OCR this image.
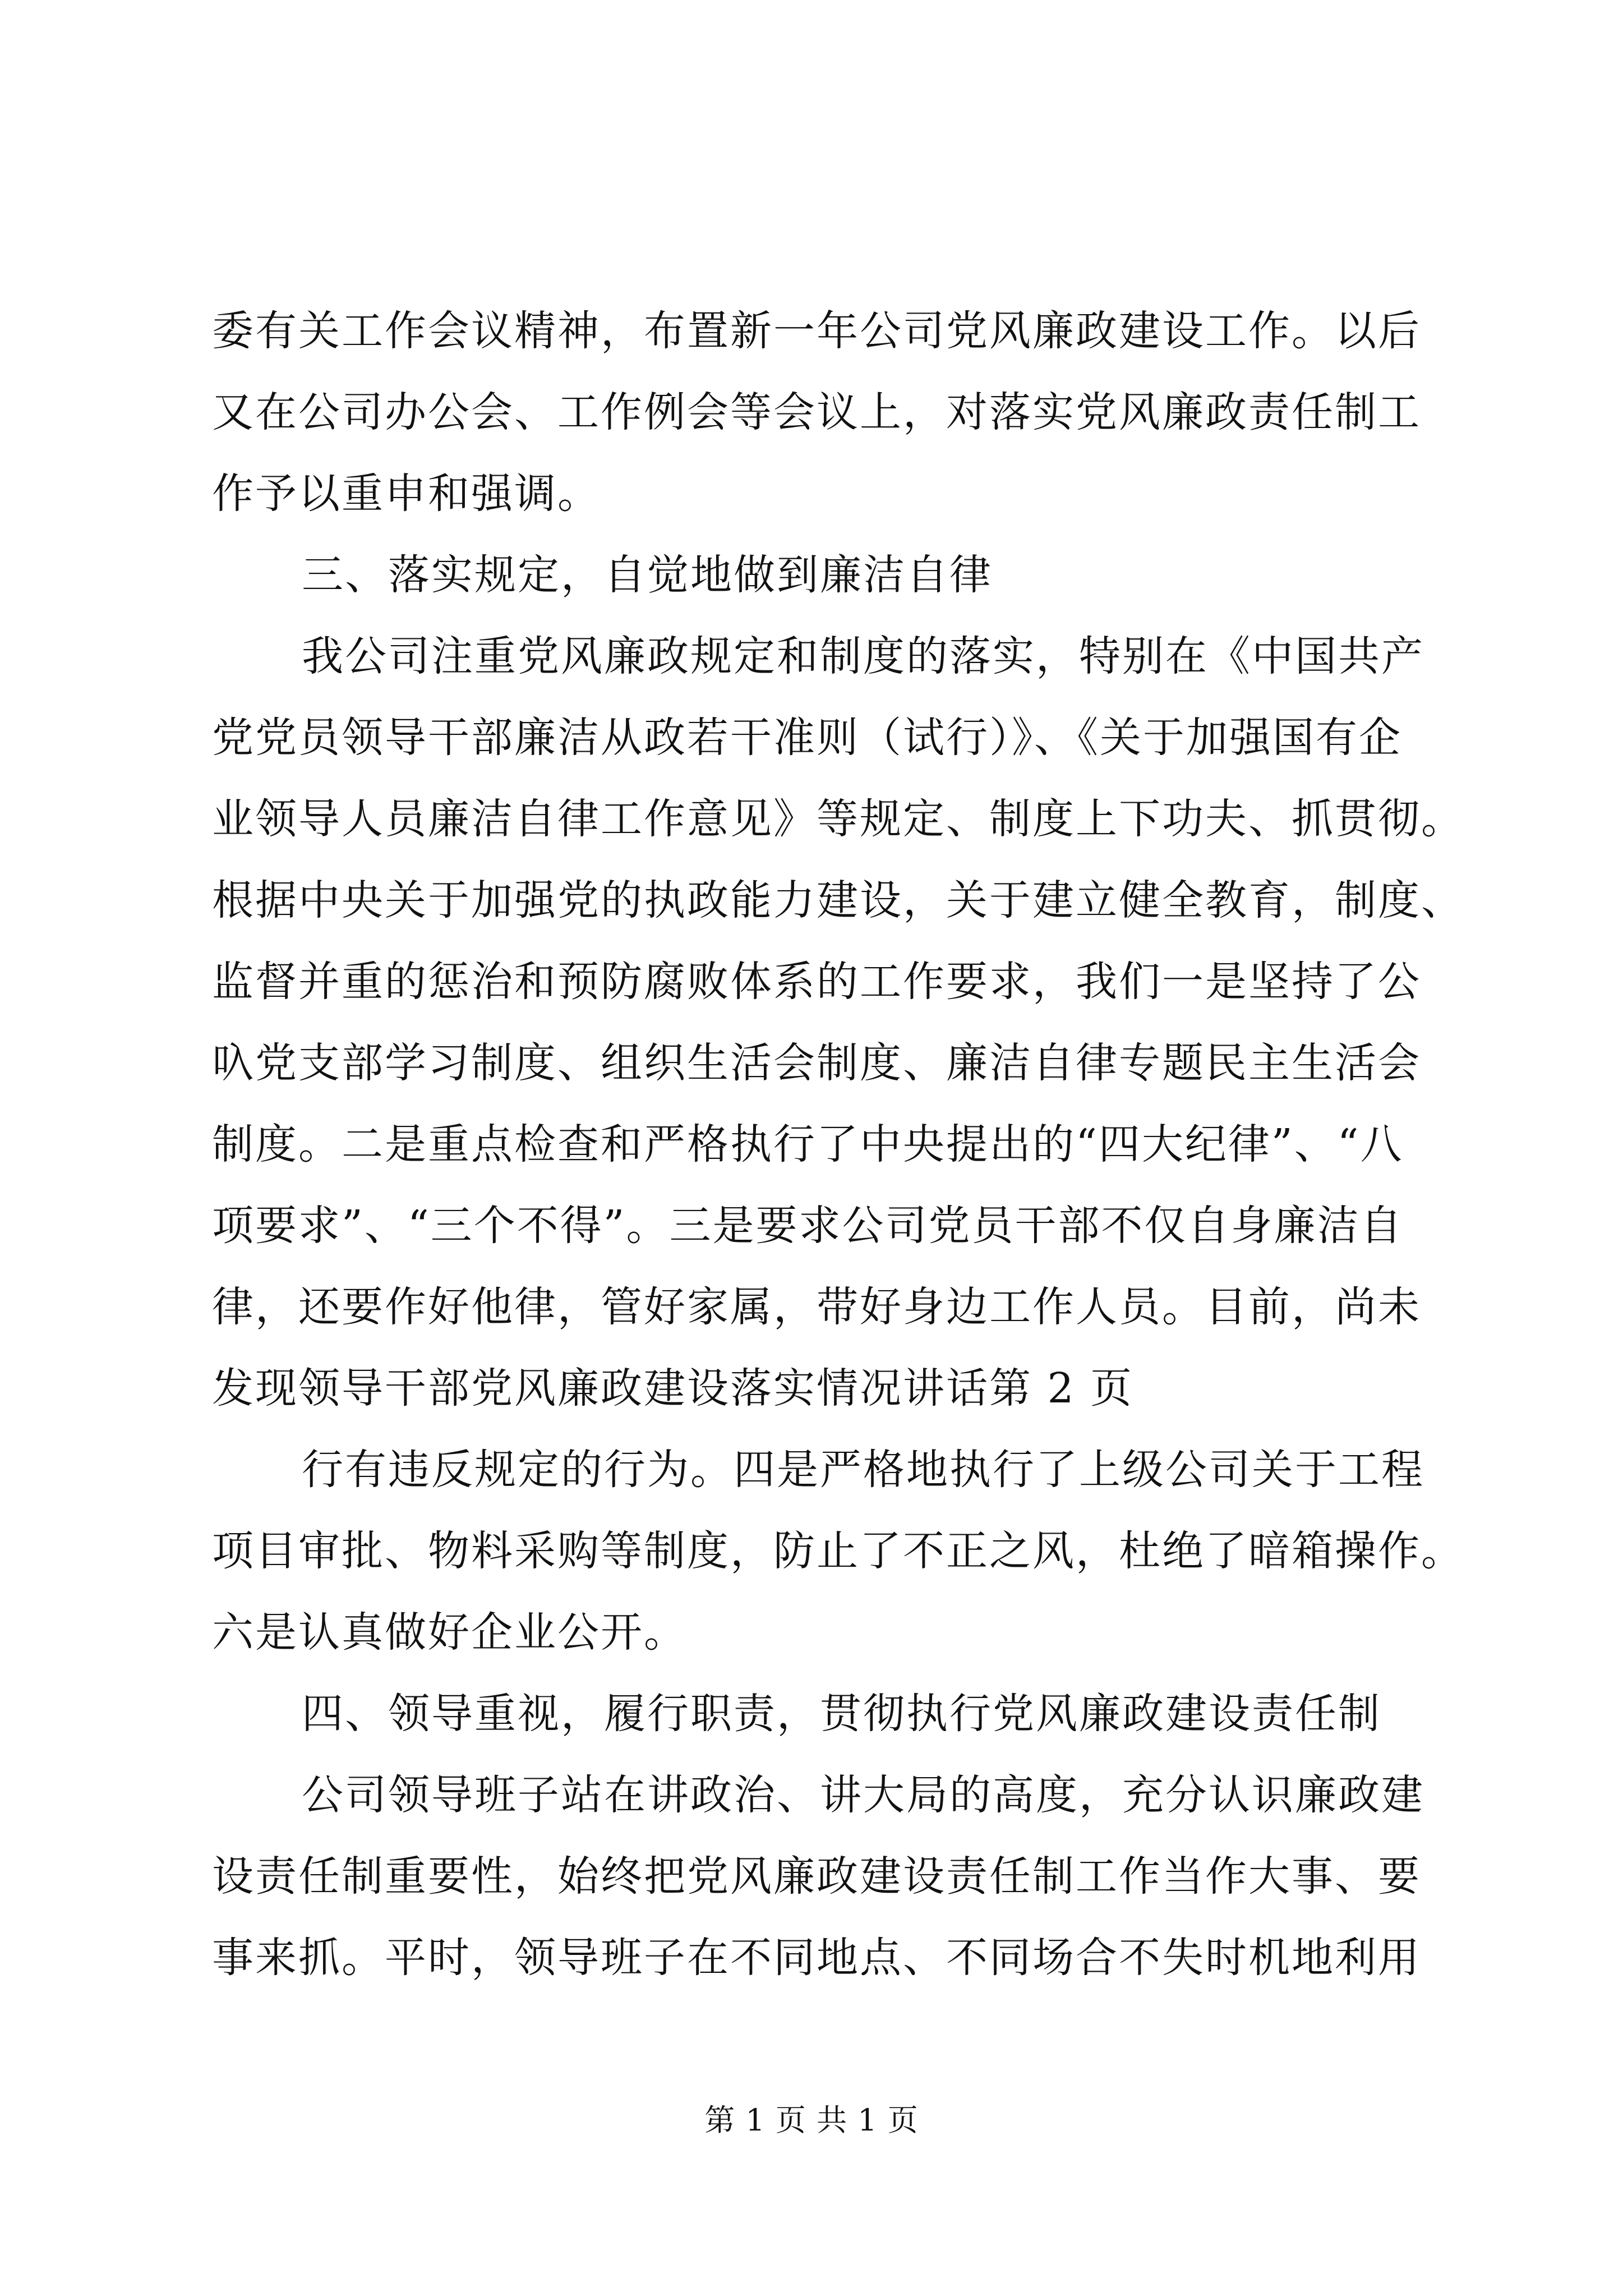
委有关工作会议精神，布置新一年公司党风廉政建设工作。以后
又在公司办公会、工作例会等会议上，对落实党风廉政责任制工
作予以重申和强调。
三、落实规定，自觉地做到廉洁自律
我公司注重党风廉政规定和制度的落实，特别在《中国共产
党党员领导干部廉洁从政若干准则（试行）》、《关于加强国有企
业领导人员廉洁自律工作意见》等规定、制度上下功夫、抓贯彻。
根据中央关于加强党的执政能力建设，关于建立健全教育，制度、
监督并重的惩治和预防腐败体系的工作要求，我们一是坚持了公
叺党支部学习制度、组织生活会制度、廉洁自律专题民主生活会
制度。二是重点检查和严格执行了中央提出的“四大纪律”、“八
项要求”、“三个不得”。三是要求公司党员干部不仅自身廉洁自
律，还要作好他律，管好家属，带好身边工作人员。目前，尚未
发现领导干部党风廉政建设落实情况讲话第 2 页
行有违反规定的行为。四是严格地执行了上级公司关于工程
项目审批、物料采购等制度，防止了不正之风，杜绝了暗箱操作。
六是认真做好企业公开。
四、领导重视，履行职责，贯彻执行党风廉政建设责任制
公司领导班子站在讲政治、讲大局的高度，充分认识廉政建
设责任制重要性，始终把党风廉政建设责任制工作当作大事、要
事来抓。平时，领导班子在不同地点、不同场合不失时机地利用
第 1 页 共 1 页
